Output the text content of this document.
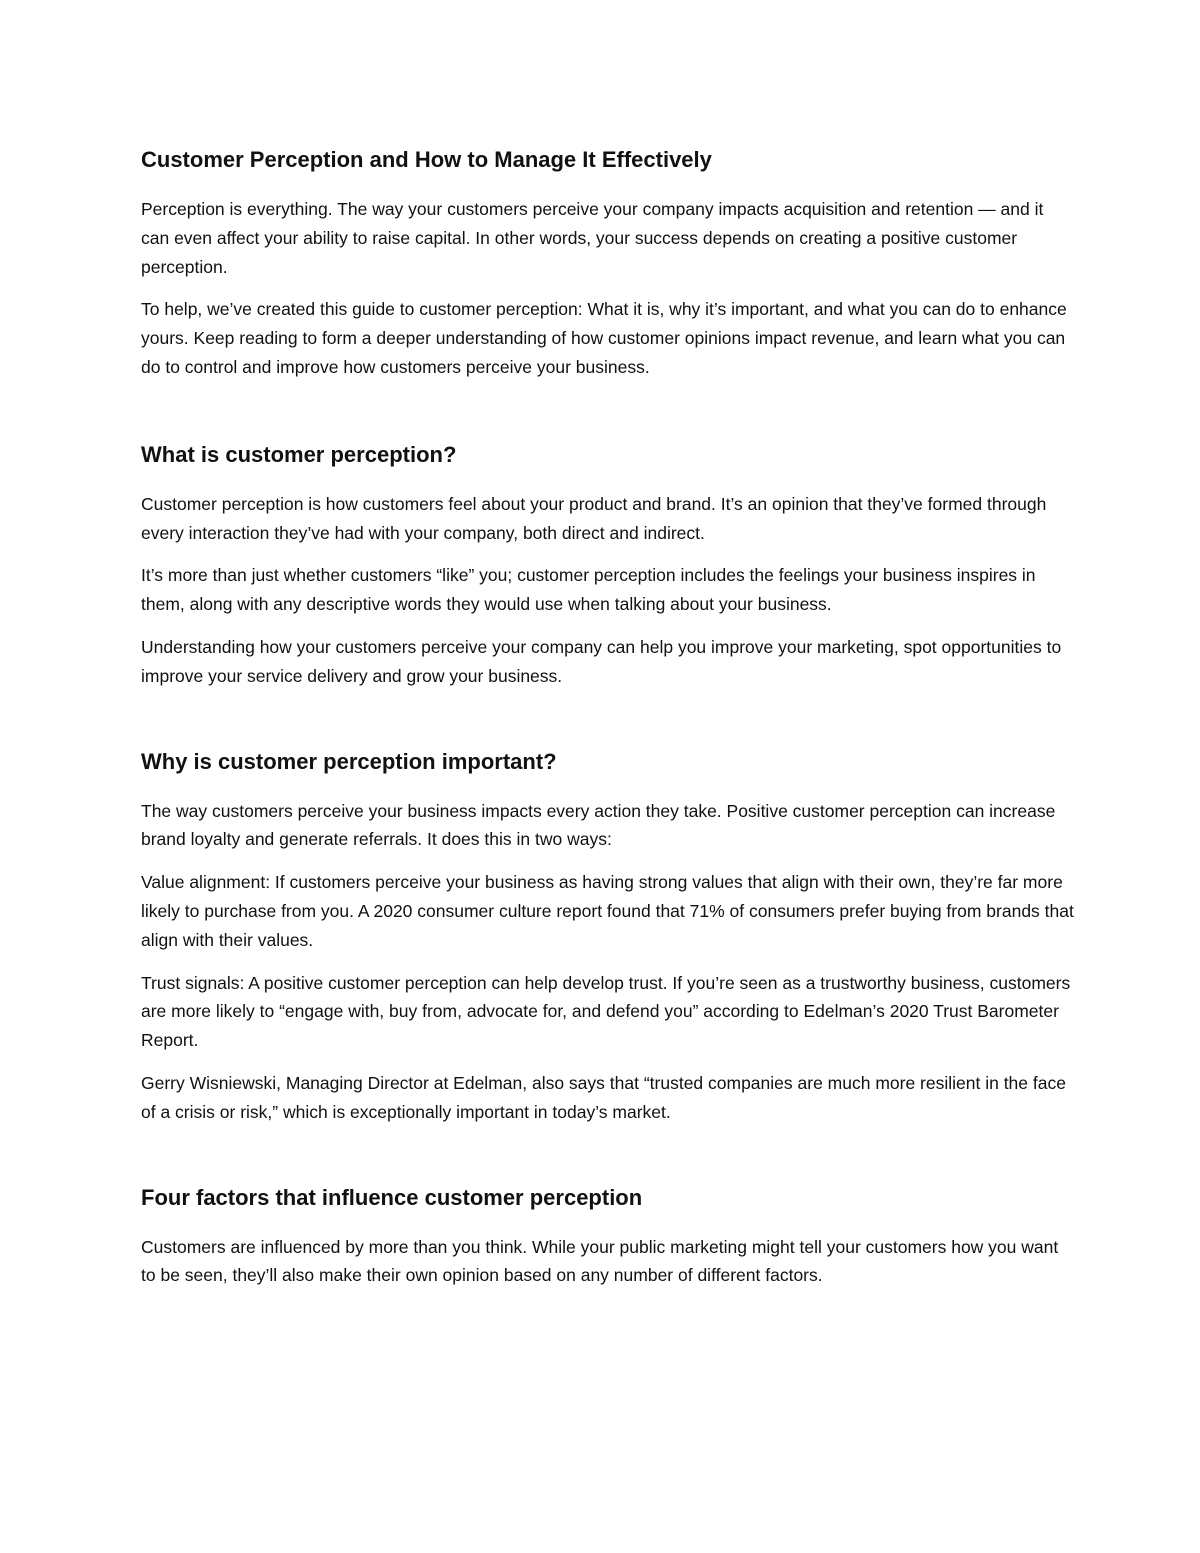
Customer Perception and How to Manage It Effectively

Perception is everything. The way your customers perceive your company impacts acquisition and retention — and it can even affect your ability to raise capital. In other words, your success depends on creating a positive customer perception.

To help, we’ve created this guide to customer perception: What it is, why it’s important, and what you can do to enhance yours. Keep reading to form a deeper understanding of how customer opinions impact revenue, and learn what you can do to control and improve how customers perceive your business.

What is customer perception?

Customer perception is how customers feel about your product and brand. It’s an opinion that they’ve formed through every interaction they’ve had with your company, both direct and indirect.

It’s more than just whether customers “like” you; customer perception includes the feelings your business inspires in them, along with any descriptive words they would use when talking about your business.

Understanding how your customers perceive your company can help you improve your marketing, spot opportunities to improve your service delivery and grow your business.

Why is customer perception important?

The way customers perceive your business impacts every action they take. Positive customer perception can increase brand loyalty and generate referrals. It does this in two ways:

Value alignment: If customers perceive your business as having strong values that align with their own, they’re far more likely to purchase from you. A 2020 consumer culture report found that 71% of consumers prefer buying from brands that align with their values.

Trust signals: A positive customer perception can help develop trust. If you’re seen as a trustworthy business, customers are more likely to “engage with, buy from, advocate for, and defend you” according to Edelman’s 2020 Trust Barometer Report.

Gerry Wisniewski, Managing Director at Edelman, also says that “trusted companies are much more resilient in the face of a crisis or risk,” which is exceptionally important in today’s market.

Four factors that influence customer perception

Customers are influenced by more than you think. While your public marketing might tell your customers how you want to be seen, they’ll also make their own opinion based on any number of different factors.
